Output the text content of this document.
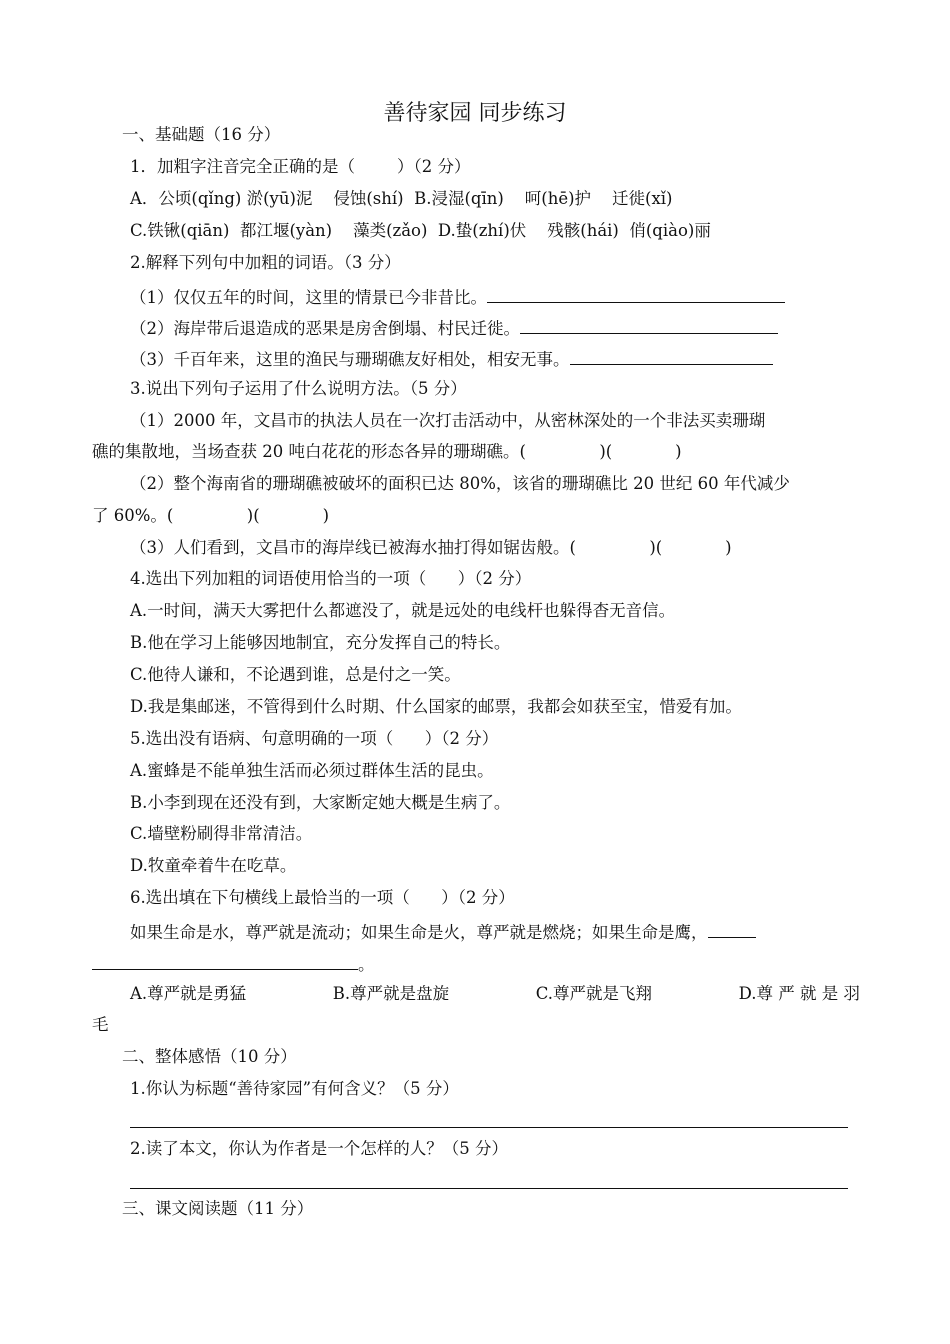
善待家园 同步练习
一、基础题（16 分）
1．加粗字注音完全正确的是（        ）（2 分）
A．公顷(qǐng) 淤(yū)泥    侵蚀(shí)  B.浸湿(qīn)    呵(hē)护    迁徙(xǐ)
C.铁锹(qiān)  都江堰(yàn)    藻类(zǎo)  D.蛰(zhí)伏    残骸(hái)  俏(qiào)丽
2.解释下列句中加粗的词语。（3 分）
（1）仅仅五年的时间，这里的情景已今非昔比。
（2）海岸带后退造成的恶果是房舍倒塌、村民迁徙。
（3）千百年来，这里的渔民与珊瑚礁友好相处，相安无事。
3.说出下列句子运用了什么说明方法。（5 分）
（1）2000 年，文昌市的执法人员在一次打击活动中，从密林深处的一个非法买卖珊瑚
礁的集散地，当场查获 20 吨白花花的形态各异的珊瑚礁。(              )(            )
（2）整个海南省的珊瑚礁被破坏的面积已达 80%，该省的珊瑚礁比 20 世纪 60 年代减少
了 60%。(              )(            )
（3）人们看到，文昌市的海岸线已被海水抽打得如锯齿般。(              )(            )
4.选出下列加粗的词语使用恰当的一项（      ）（2 分）
A.一时间，满天大雾把什么都遮没了，就是远处的电线杆也躲得杳无音信。
B.他在学习上能够因地制宜，充分发挥自己的特长。
C.他待人谦和，不论遇到谁，总是付之一笑。
D.我是集邮迷，不管得到什么时期、什么国家的邮票，我都会如获至宝，惜爱有加。
5.选出没有语病、句意明确的一项（      ）（2 分）
A.蜜蜂是不能单独生活而必须过群体生活的昆虫。
B.小李到现在还没有到，大家断定她大概是生病了。
C.墙壁粉刷得非常清洁。
D.牧童牵着牛在吃草。
6.选出填在下句横线上最恰当的一项（      ）（2 分）
如果生命是水，尊严就是流动；如果生命是火，尊严就是燃烧；如果生命是鹰，
。
A.尊严就是勇猛	B.尊严就是盘旋	C.尊严就是飞翔	D.尊 严 就 是 羽
毛
二、整体感悟（10 分）
1.你认为标题“善待家园”有何含义？（5 分）
2.读了本文，你认为作者是一个怎样的人？（5 分）
三、课文阅读题（11 分）
